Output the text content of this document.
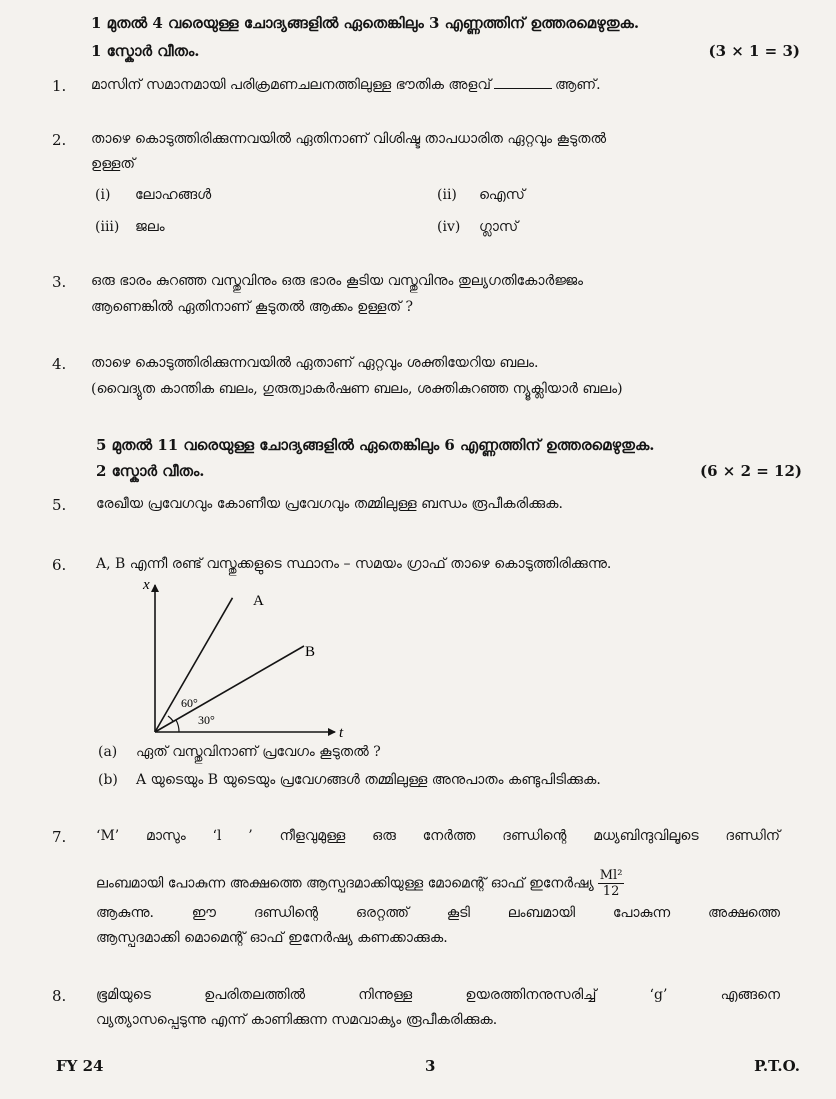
1 മുതൽ 4 വരെയുള്ള ചോദ്യങ്ങളിൽ ഏതെങ്കിലും 3 എണ്ണത്തിന് ഉത്തരമെഴുതുക.
1 സ്കോർ വീതം.	(3 × 1 = 3)
1. മാസിന് സമാനമായി പരിക്രമണചലനത്തിലുള്ള ഭൗതിക അളവ്	ആണ്.
2. താഴെ കൊടുത്തിരിക്കുന്നവയിൽ ഏതിനാണ് വിശിഷ്ട താപധാരിത ഏറ്റവും കൂടുതൽ
ഉള്ളത്
(i) ലോഹങ്ങൾ	(ii) ഐസ്
(iii) ജലം	(iv) ഗ്ലാസ്
3. ഒരു ഭാരം കുറഞ്ഞ വസ്തുവിനും ഒരു ഭാരം കൂടിയ വസ്തുവിനും തുല്യഗതികോർജ്ജം
ആണെങ്കിൽ ഏതിനാണ് കൂടുതൽ ആക്കം ഉള്ളത് ?
4. താഴെ കൊടുത്തിരിക്കുന്നവയിൽ ഏതാണ് ഏറ്റവും ശക്തിയേറിയ ബലം.
(വൈദ്യുത കാന്തിക ബലം, ഗുരുത്വാകർഷണ ബലം, ശക്തികുറഞ്ഞ ന്യൂക്ലിയാർ ബലം)
5 മുതൽ 11 വരെയുള്ള ചോദ്യങ്ങളിൽ ഏതെങ്കിലും 6 എണ്ണത്തിന് ഉത്തരമെഴുതുക.
2 സ്കോർ വീതം.	(6 × 2 = 12)
5. രേഖീയ പ്രവേഗവും കോണീയ പ്രവേഗവും തമ്മിലുള്ള ബന്ധം രൂപീകരിക്കുക.
6. A, B എന്നീ രണ്ട് വസ്തുക്കളുടെ സ്ഥാനം – സമയം ഗ്രാഫ് താഴെ കൊടുത്തിരിക്കുന്നു.
x
t
A
B
60°
30°
(a) ഏത് വസ്തുവിനാണ് പ്രവേഗം കൂടുതൽ ?
(b) A യുടെയും B യുടെയും പ്രവേഗങ്ങൾ തമ്മിലുള്ള അനുപാതം കണ്ടുപിടിക്കുക.
7. ‘M’ മാസും ‘l ’ നീളവുമുള്ള ഒരു നേർത്ത ദണ്ഡിന്റെ മധ്യബിന്ദുവിലൂടെ ദണ്ഡിന്
ലംബമായി പോകുന്ന അക്ഷത്തെ ആസ്പദമാക്കിയുള്ള മോമെന്റ് ഓഫ് ഇനേർഷ്യ $\frac{\text{Ml²}}{12}$
ആകുന്നു. ഈ ദണ്ഡിന്റെ ഒരറ്റത്ത് കൂടി ലംബമായി പോകുന്ന അക്ഷത്തെ
ആസ്പദമാക്കി മൊമെന്റ് ഓഫ് ഇനേർഷ്യ കണക്കാക്കുക.
8. ഭൂമിയുടെ ഉപരിതലത്തിൽ നിന്നുള്ള ഉയരത്തിനനുസരിച്ച് ‘g’ എങ്ങനെ
വ്യത്യാസപ്പെടുന്നു എന്ന് കാണിക്കുന്ന സമവാക്യം രൂപീകരിക്കുക.
FY 24	3	P.T.O.
